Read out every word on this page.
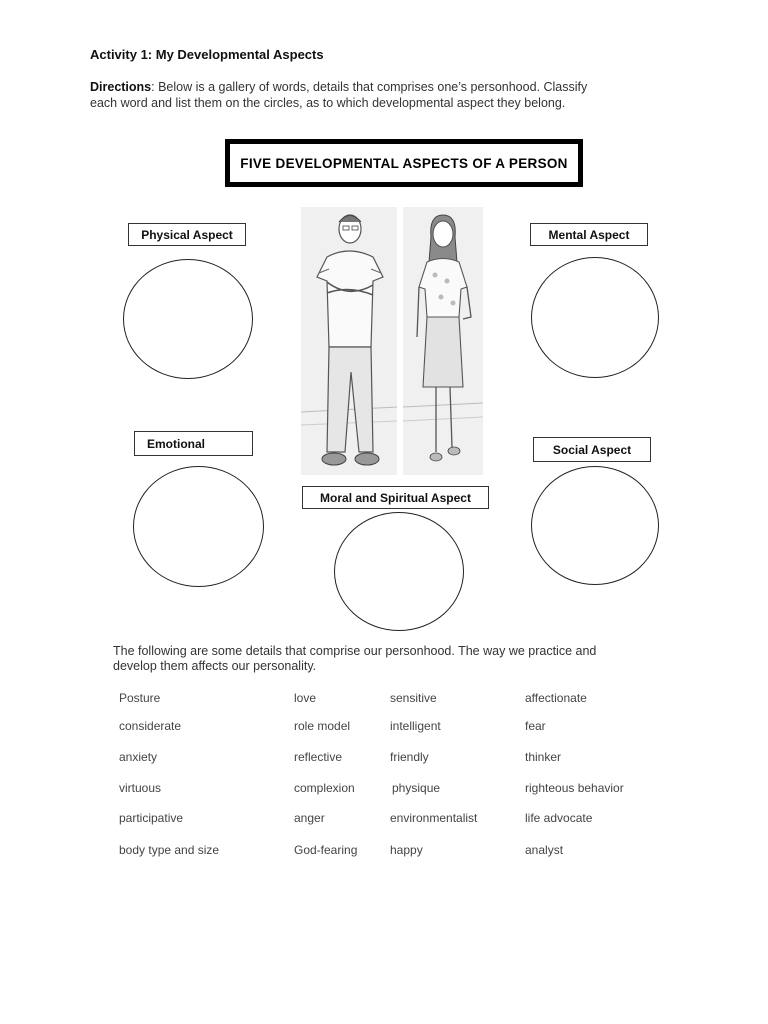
Activity 1: My Developmental Aspects
Directions: Below is a gallery of words, details that comprises one’s personhood. Classify each word and list them on the circles, as to which developmental aspect they belong.
FIVE DEVELOPMENTAL ASPECTS OF A PERSON
Physical Aspect	Mental Aspect
Emotional	Social Aspect
Moral and Spiritual Aspect
The following are some details that comprise our personhood. The way we practice and develop them affects our personality.
Posture	love	sensitive	affectionate
considerate	role model	intelligent	fear
anxiety	reflective	friendly	thinker
virtuous	complexion	physique	righteous behavior
participative	anger	environmentalist	life advocate
body type and size	God-fearing	happy	analyst
